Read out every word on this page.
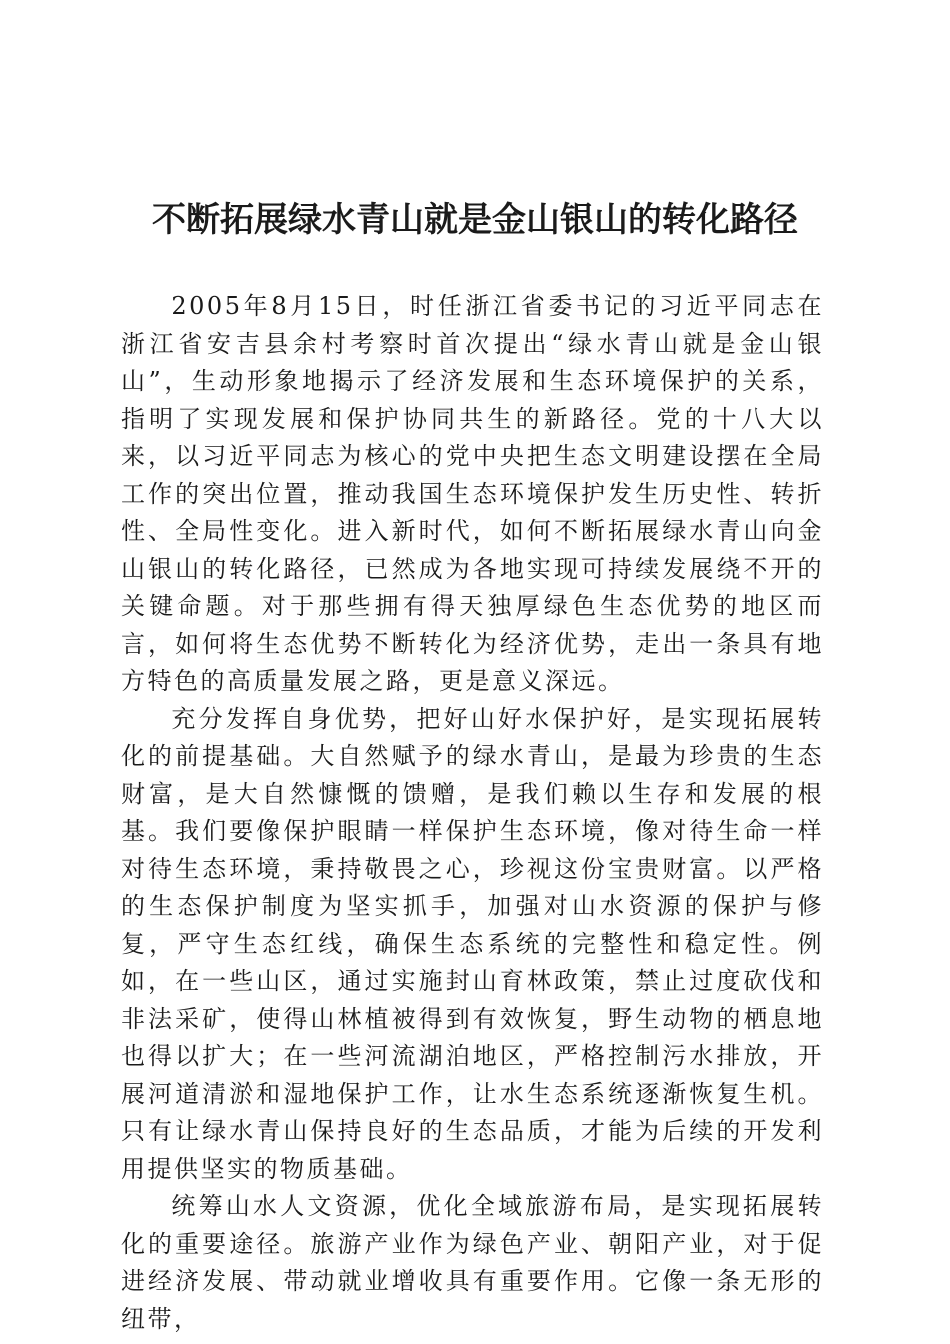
不断拓展绿水青山就是金山银山的转化路径

2005年8月15日，时任浙江省委书记的习近平同志在浙江省安吉县余村考察时首次提出“绿水青山就是金山银山”，生动形象地揭示了经济发展和生态环境保护的关系，指明了实现发展和保护协同共生的新路径。党的十八大以来，以习近平同志为核心的党中央把生态文明建设摆在全局工作的突出位置，推动我国生态环境保护发生历史性、转折性、全局性变化。进入新时代，如何不断拓展绿水青山向金山银山的转化路径，已然成为各地实现可持续发展绕不开的关键命题。对于那些拥有得天独厚绿色生态优势的地区而言，如何将生态优势不断转化为经济优势，走出一条具有地方特色的高质量发展之路，更是意义深远。

充分发挥自身优势，把好山好水保护好，是实现拓展转化的前提基础。大自然赋予的绿水青山，是最为珍贵的生态财富，是大自然慷慨的馈赠，是我们赖以生存和发展的根基。我们要像保护眼睛一样保护生态环境，像对待生命一样对待生态环境，秉持敬畏之心，珍视这份宝贵财富。以严格的生态保护制度为坚实抓手，加强对山水资源的保护与修复，严守生态红线，确保生态系统的完整性和稳定性。例如，在一些山区，通过实施封山育林政策，禁止过度砍伐和非法采矿，使得山林植被得到有效恢复，野生动物的栖息地也得以扩大；在一些河流湖泊地区，严格控制污水排放，开展河道清淤和湿地保护工作，让水生态系统逐渐恢复生机。只有让绿水青山保持良好的生态品质，才能为后续的开发利用提供坚实的物质基础。

统筹山水人文资源，优化全域旅游布局，是实现拓展转化的重要途径。旅游产业作为绿色产业、朝阳产业，对于促进经济发展、带动就业增收具有重要作用。它像一条无形的纽带，
